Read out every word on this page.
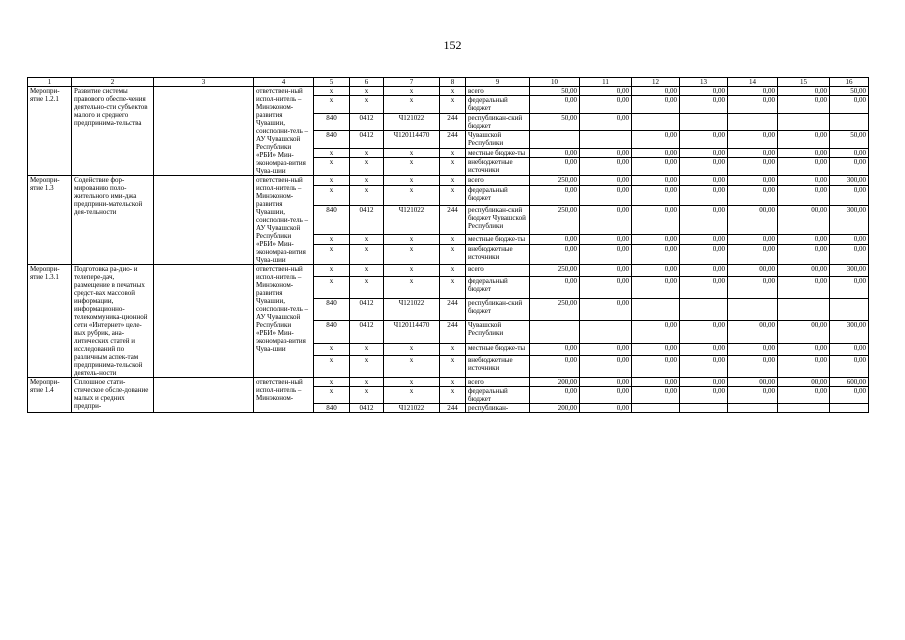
152
1	2	3	4	5	6	7	8	9	10	11	12	13	14	15	16
Меропри-ятие 1.2.1	Развитие системы правового обеспе-чения деятельно-сти субъектов малого и среднего предпринима-тельства		ответствен-ный испол-нитель – Минэконом-развития Чувашии, соисполни-тель – АУ Чувашской Республики «РБИ» Мин-экономраз-вития Чува-шии	х	х	х	х	всего	50,00	0,00	0,00	0,00	0,00	0,00	50,00
				х	х	х	х	федеральный бюджет	0,00	0,00	0,00	0,00	0,00	0,00	0,00
				840	0412	Ч121022	244	республикан-ский бюджет	50,00	0,00					
				840	0412	Ч120114470	244	Чувашской Республики			0,00	0,00	0,00	0,00	50,00
				х	х	х	х	местные бюдже-ты	0,00	0,00	0,00	0,00	0,00	0,00	0,00
				х	х	х	х	внебюджетные источники	0,00	0,00	0,00	0,00	0,00	0,00	0,00
Меропри-ятие 1.3	Содействие фор-мированию поло-жительного ими-джа предприни-мательской дея-тельности		ответствен-ный испол-нитель – Минэконом-развития Чувашии, соисполни-тель – АУ Чувашской Республики «РБИ» Мин-экономраз-вития Чува-шии	х	х	х	х	всего	250,00	0,00	0,00	0,00	0,00	0,00	300,00
				х	х	х	х	федеральный бюджет	0,00	0,00	0,00	0,00	0,00	0,00	0,00
				840	0412	Ч121022	244	республикан-ский бюджет Чувашской Республики	250,00	0,00	0,00	0,00	00,00	00,00	300,00
				х	х	х	х	местные бюдже-ты	0,00	0,00	0,00	0,00	0,00	0,00	0,00
				х	х	х	х	внебюджетные источники	0,00	0,00	0,00	0,00	0,00	0,00	0,00
Меропри-ятие 1.3.1	Подготовка ра-дио- и телепере-дач, размещение в печатных средст-вах массовой информации, информационно-телекоммуника-ционной сети «Интернет» целе-вых рубрик, ана-литических статей и исследований по различным аспек-там предпринима-тельской деятель-ности		ответствен-ный испол-нитель – Минэконом-развития Чувашии, соисполни-тель – АУ Чувашской Республики «РБИ» Мин-экономраз-вития Чува-шии	х	х	х	х	всего	250,00	0,00	0,00	0,00	00,00	00,00	300,00
				х	х	х	х	федеральный бюджет	0,00	0,00	0,00	0,00	0,00	0,00	0,00
				840	0412	Ч121022	244	республикан-ский бюджет	250,00	0,00					
				840	0412	Ч120114470	244	Чувашской Республики			0,00	0,00	00,00	00,00	300,00
				х	х	х	х	местные бюдже-ты	0,00	0,00	0,00	0,00	0,00	0,00	0,00
				х	х	х	х	внебюджетные источники	0,00	0,00	0,00	0,00	0,00	0,00	0,00
Меропри-ятие 1.4	Сплошное стати-стическое обсле-дование малых и средних предпри-		ответствен-ный испол-нитель – Минэконом-	х	х	х	х	всего	200,00	0,00	0,00	0,00	00,00	00,00	600,00
				х	х	х	х	федеральный бюджет	0,00	0,00	0,00	0,00	0,00	0,00	0,00
				840	0412	Ч121022	244	республикан-	200,00	0,00					
